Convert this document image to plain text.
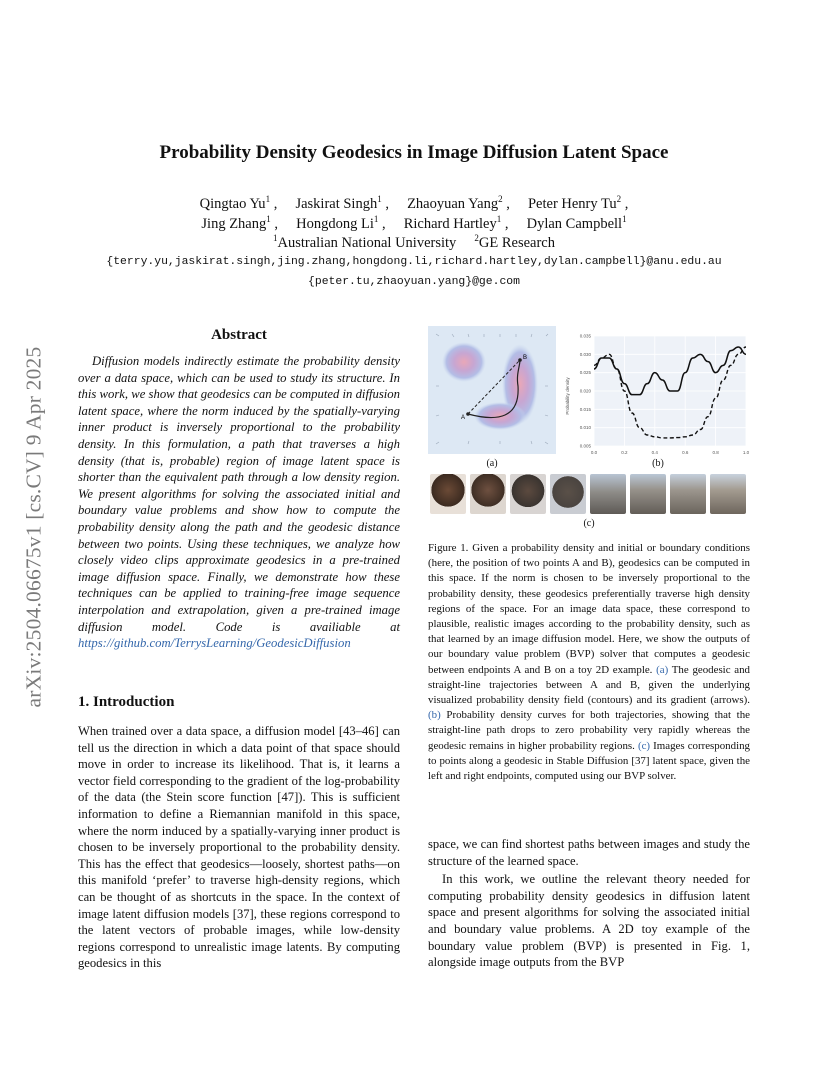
arXiv:2504.06675v1 [cs.CV] 9 Apr 2025
Probability Density Geodesics in Image Diffusion Latent Space
Qingtao Yu$^1$ ,     Jaskirat Singh$^1$ ,     Zhaoyuan Yang$^2$ ,     Peter Henry Tu$^2$ ,
Jing Zhang$^1$ ,     Hongdong Li$^1$ ,     Richard Hartley$^1$ ,     Dylan Campbell$^1$
$^1$Australian National University $^2$GE Research
{terry.yu,jaskirat.singh,jing.zhang,hongdong.li,richard.hartley,dylan.campbell}@anu.edu.au
{peter.tu,zhaoyuan.yang}@ge.com
Abstract
Diffusion models indirectly estimate the probability density over a data space, which can be used to study its structure. In this work, we show that geodesics can be computed in diffusion latent space, where the norm induced by the spatially-varying inner product is inversely proportional to the probability density. In this formulation, a path that traverses a high density (that is, probable) region of image latent space is shorter than the equivalent path through a low density region. We present algorithms for solving the associated initial and boundary value problems and show how to compute the probability density along the path and the geodesic distance between two points. Using these techniques, we analyze how closely video clips approximate geodesics in a pre-trained image diffusion space. Finally, we demonstrate how these techniques can be applied to training-free image sequence interpolation and extrapolation, given a pre-trained image diffusion model. Code is availiable at https://github.com/TerrysLearning/GeodesicDiffusion
1. Introduction
When trained over a data space, a diffusion model [43–46] can tell us the direction in which a data point of that space should move in order to increase its likelihood. That is, it learns a vector field corresponding to the gradient of the log-probability of the data (the Stein score function [47]). This is sufficient information to define a Riemannian manifold in this space, where the norm induced by a spatially-varying inner product is chosen to be inversely proportional to the probability density. This has the effect that geodesics—loosely, shortest paths—on this manifold ‘prefer’ to traverse high-density regions, which can be thought of as shortcuts in the space. In the context of image latent diffusion models [37], these regions correspond to the latent vectors of probable images, while low-density regions correspond to unrealistic image latents. By computing geodesics in this
A
B
(a)
Probability density
0.035
0.030
0.025
0.020
0.015
0.010
0.005
0.0	0.2	0.4	0.6	0.8	1.0
(b)
(c)
Figure 1. Given a probability density and initial or boundary conditions (here, the position of two points A and B), geodesics can be computed in this space. If the norm is chosen to be inversely proportional to the probability density, these geodesics preferentially traverse high density regions of the space. For an image data space, these correspond to plausible, realistic images according to the probability density, such as that learned by an image diffusion model. Here, we show the outputs of our boundary value problem (BVP) solver that computes a geodesic between endpoints A and B on a toy 2D example. (a) The geodesic and straight-line trajectories between A and B, given the underlying visualized probability density field (contours) and its gradient (arrows). (b) Probability density curves for both trajectories, showing that the straight-line path drops to zero probability very rapidly whereas the geodesic remains in higher probability regions. (c) Images corresponding to points along a geodesic in Stable Diffusion [37] latent space, given the left and right endpoints, computed using our BVP solver.
space, we can find shortest paths between images and study the structure of the learned space.
In this work, we outline the relevant theory needed for computing probability density geodesics in diffusion latent space and present algorithms for solving the associated initial and boundary value problems. A 2D toy example of the boundary value problem (BVP) is presented in Fig. 1, alongside image outputs from the BVP
